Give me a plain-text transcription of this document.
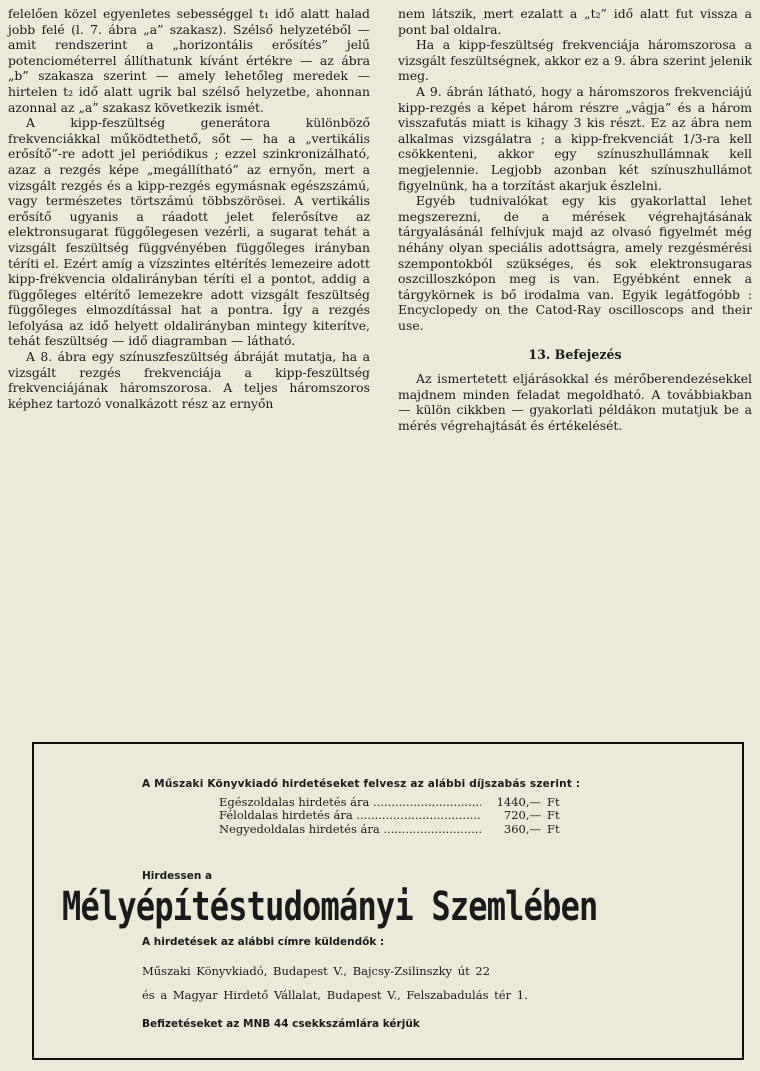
felelően közel egyenletes sebességgel t₁ idő alatt halad jobb felé (l. 7. ábra „a” szakasz). Szélső helyzetéből — amit rendszerint a „horizontális erősítés” jelű potenciométerrel állíthatunk kívánt értékre — az ábra „b” szakasza szerint — amely lehetőleg meredek — hirtelen t₂ idő alatt ugrik bal szélső helyzetbe, ahonnan azonnal az „a” szakasz következik ismét.

A kipp-feszültség generátora különböző frekvenciákkal működtethető, sőt — ha a „vertikális erősítő”-re adott jel periódikus ; ezzel szinkronizálható, azaz a rezgés képe „megállítható” az ernyőn, mert a vizsgált rezgés és a kipp-rezgés egymásnak egészszámú, vagy természetes törtszámú többszörösei. A vertikális erősítő ugyanis a ráadott jelet felerősítve az elektronsugarat függőlegesen vezérli, a sugarat tehát a vizsgált feszültség függvényében függőleges irányban téríti el. Ezért amíg a vízszintes eltérítés lemezeire adott kipp-frekvencia oldalirányban téríti el a pontot, addig a függőleges eltérítő lemezekre adott vizsgált feszültség függőleges elmozdítással hat a pontra. Így a rezgés lefolyása az idő helyett oldalirányban mintegy kiterítve, tehát feszültség — idő diagramban — látható.

A 8. ábra egy színuszfeszültség ábráját mutatja, ha a vizsgált rezgés frekvenciája a kipp-feszültség frekvenciájának háromszorosa. A teljes háromszoros képhez tartozó vonalkázott rész az ernyőn

nem látszik, mert ezalatt a „t₂” idő alatt fut vissza a pont bal oldalra.

Ha a kipp-feszültség frekvenciája háromszorosa a vizsgált feszültségnek, akkor ez a 9. ábra szerint jelenik meg.

A 9. ábrán látható, hogy a háromszoros frekvenciájú kipp-rezgés a képet három részre „vágja” és a három visszafutás miatt is kihagy 3 kis részt. Ez az ábra nem alkalmas vizsgálatra ; a kipp-frekvenciát 1/3-ra kell csökkenteni, akkor egy színuszhullámnak kell megjelennie. Legjobb azonban két színuszhullámot figyelnünk, ha a torzítást akarjuk észlelni.

Egyéb tudnivalókat egy kis gyakorlattal lehet megszerezni, de a mérések végrehajtásának tárgyalásánál felhívjuk majd az olvasó figyelmét még néhány olyan speciális adottságra, amely rezgésmérési szempontokból szükséges, és sok elektronsugaras oszcilloszkópon meg is van. Egyébként ennek a tárgykörnek is bő irodalma van. Egyik legátfogóbb : Encyclopedy on the Catod-Ray oscilloscops and their use.

13. Befejezés

Az ismertetett eljárásokkal és mérőberendezésekkel majdnem minden feladat megoldható. A továbbiakban — külön cikkben — gyakorlati példákon mutatjuk be a mérés végrehajtását és értékelését.

A Műszaki Könyvkiadó hirdetéseket felvesz az alábbi díjszabás szerint :
Egészoldalas hirdetés ára .....	1440,— Ft
Féloldalas hirdetés ára .....	720,— Ft
Negyedoldalas hirdetés ára .....	360,— Ft
Hirdessen a
Mélyépítéstudományi Szemlében
A hirdetések az alábbi címre küldendők :
Műszaki Könyvkiadó, Budapest V., Bajcsy-Zsilinszky út 22
és a Magyar Hirdető Vállalat, Budapest V., Felszabadulás tér 1.
Befizetéseket az MNB 44 csekkszámlára kérjük
